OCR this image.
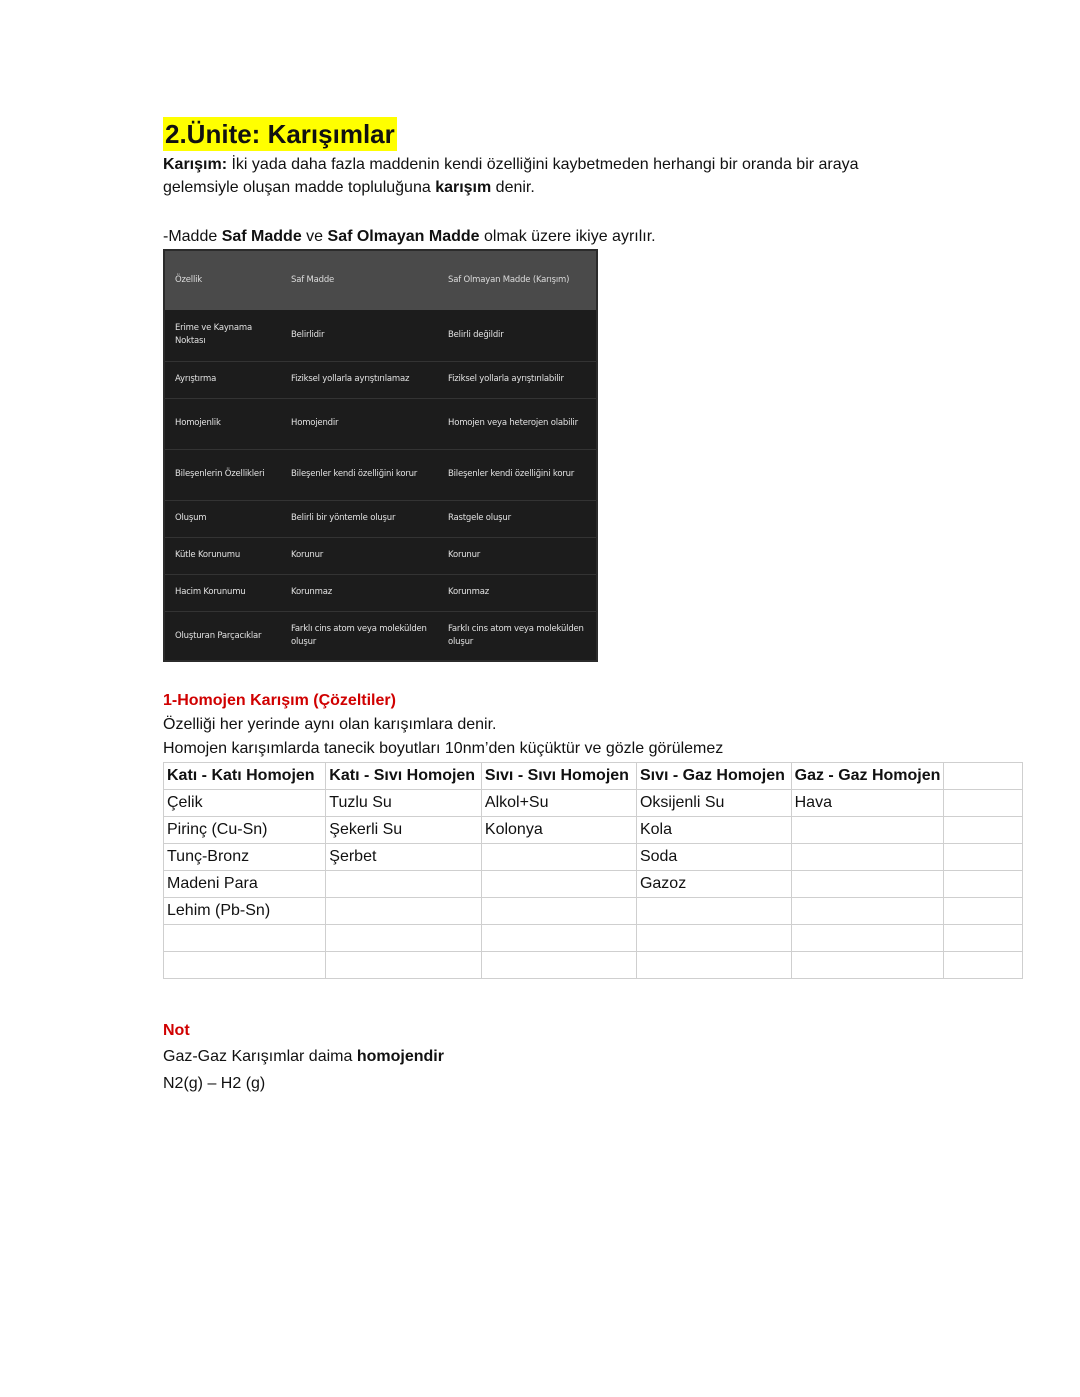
2.Ünite: Karışımlar
Karışım: İki yada daha fazla maddenin kendi özelliğini kaybetmeden herhangi bir oranda bir araya gelemsiyle oluşan madde topluluğuna karışım denir.
-Madde Saf Madde ve Saf Olmayan Madde olmak üzere ikiye ayrılır.
Özellik	Saf Madde	Saf Olmayan Madde (Karışım)
Erime ve Kaynama Noktası	Belirlidir	Belirli değildir
Ayrıştırma	Fiziksel yollarla ayrıştırılamaz	Fiziksel yollarla ayrıştırılabilir
Homojenlik	Homojendir	Homojen veya heterojen olabilir
Bileşenlerin Özellikleri	Bileşenler kendi özelliğini korur	Bileşenler kendi özelliğini korur
Oluşum	Belirli bir yöntemle oluşur	Rastgele oluşur
Kütle Korunumu	Korunur	Korunur
Hacim Korunumu	Korunmaz	Korunmaz
Oluşturan Parçacıklar	Farklı cins atom veya molekülden oluşur	Farklı cins atom veya molekülden oluşur
1-Homojen Karışım (Çözeltiler)
Özelliği her yerinde aynı olan karışımlara denir.
Homojen karışımlarda tanecik boyutları 10nm’den küçüktür ve gözle görülemez
Katı - Katı Homojen	Katı - Sıvı Homojen	Sıvı - Sıvı Homojen	Sıvı - Gaz Homojen	Gaz - Gaz Homojen	
Çelik	Tuzlu Su	Alkol+Su	Oksijenli Su	Hava	
Pirinç (Cu-Sn)	Şekerli Su	Kolonya	Kola		
Tunç-Bronz	Şerbet		Soda		
Madeni Para			Gazoz		
Lehim (Pb-Sn)					

Not
Gaz-Gaz Karışımlar daima homojendir
N2(g) – H2 (g)
